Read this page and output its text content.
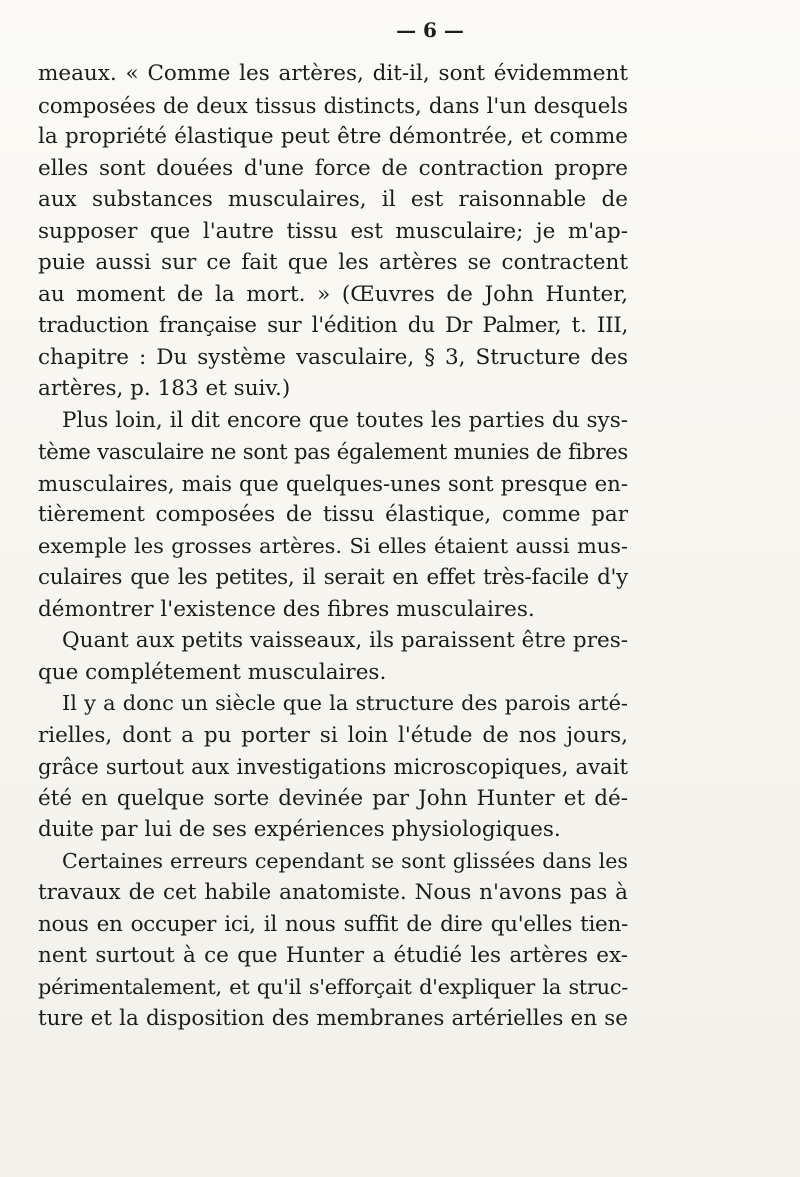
— 6 —
meaux. « Comme les artères, dit-il, sont évidemment
composées de deux tissus distincts, dans l'un desquels
la propriété élastique peut être démontrée, et comme
elles sont douées d'une force de contraction propre
aux substances musculaires, il est raisonnable de
supposer que l'autre tissu est musculaire; je m'ap-
puie aussi sur ce fait que les artères se contractent
au moment de la mort. » (Œuvres de John Hunter,
traduction française sur l'édition du Dr Palmer, t. III,
chapitre : Du système vasculaire, § 3, Structure des
artères, p. 183 et suiv.)
Plus loin, il dit encore que toutes les parties du sys-
tème vasculaire ne sont pas également munies de fibres
musculaires, mais que quelques-unes sont presque en-
tièrement composées de tissu élastique, comme par
exemple les grosses artères. Si elles étaient aussi mus-
culaires que les petites, il serait en effet très-facile d'y
démontrer l'existence des fibres musculaires.
Quant aux petits vaisseaux, ils paraissent être pres-
que complétement musculaires.
Il y a donc un siècle que la structure des parois arté-
rielles, dont a pu porter si loin l'étude de nos jours,
grâce surtout aux investigations microscopiques, avait
été en quelque sorte devinée par John Hunter et dé-
duite par lui de ses expériences physiologiques.
Certaines erreurs cependant se sont glissées dans les
travaux de cet habile anatomiste. Nous n'avons pas à
nous en occuper ici, il nous suffit de dire qu'elles tien-
nent surtout à ce que Hunter a étudié les artères ex-
périmentalement, et qu'il s'efforçait d'expliquer la struc-
ture et la disposition des membranes artérielles en se
